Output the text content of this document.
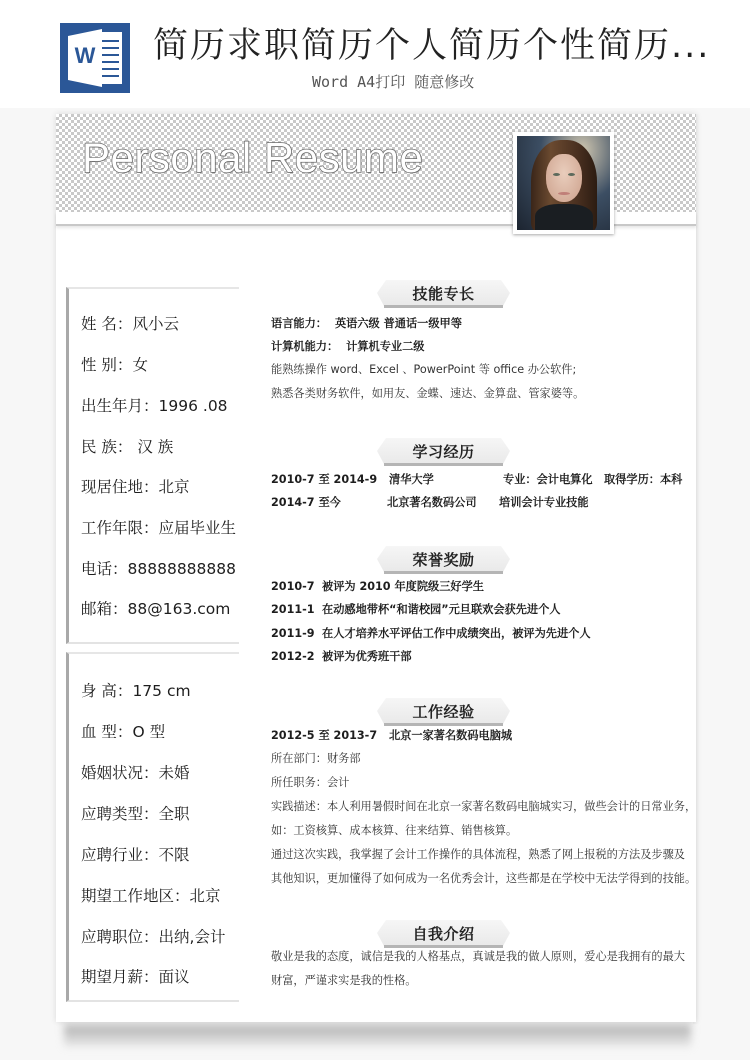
W 简历求职简历个人简历个性简历...
Word A4打印 随意修改
Personal Resume
姓 名：风小云
性 别：女
出生年月：1996 .08
民 族： 汉 族
现居住地：北京
工作年限：应届毕业生
电话：88888888888
邮箱：88@163.com
身 高：175 cm
血 型：O 型
婚姻状况：未婚
应聘类型：全职
应聘行业：不限
期望工作地区：北京
应聘职位：出纳,会计
期望月薪：面议
技能专长
语言能力： 英语六级 普通话一级甲等
计算机能力： 计算机专业二级
能熟练操作 word、Excel 、PowerPoint 等 office 办公软件;
熟悉各类财务软件，如用友、金蝶、速达、金算盘、管家婆等。
学习经历
2010-7 至 2014-9 清华大学	专业：会计电算化 取得学历：本科
2014-7 至今	北京著名数码公司 培训会计专业技能
荣誉奖励
2010-7 被评为 2010 年度院级三好学生
2011-1 在动感地带杯“和谐校园”元旦联欢会获先进个人
2011-9 在人才培养水平评估工作中成绩突出，被评为先进个人
2012-2 被评为优秀班干部
工作经验
2012-5 至 2013-7 北京一家著名数码电脑城
所在部门：财务部
所任职务：会计
实践描述：本人利用暑假时间在北京一家著名数码电脑城实习，做些会计的日常业务，
如：工资核算、成本核算、往来结算、销售核算。
通过这次实践，我掌握了会计工作操作的具体流程，熟悉了网上报税的方法及步骤及
其他知识，更加懂得了如何成为一名优秀会计，这些都是在学校中无法学得到的技能。
自我介绍
敬业是我的态度，诚信是我的人格基点，真诚是我的做人原则，爱心是我拥有的最大
财富，严谨求实是我的性格。
